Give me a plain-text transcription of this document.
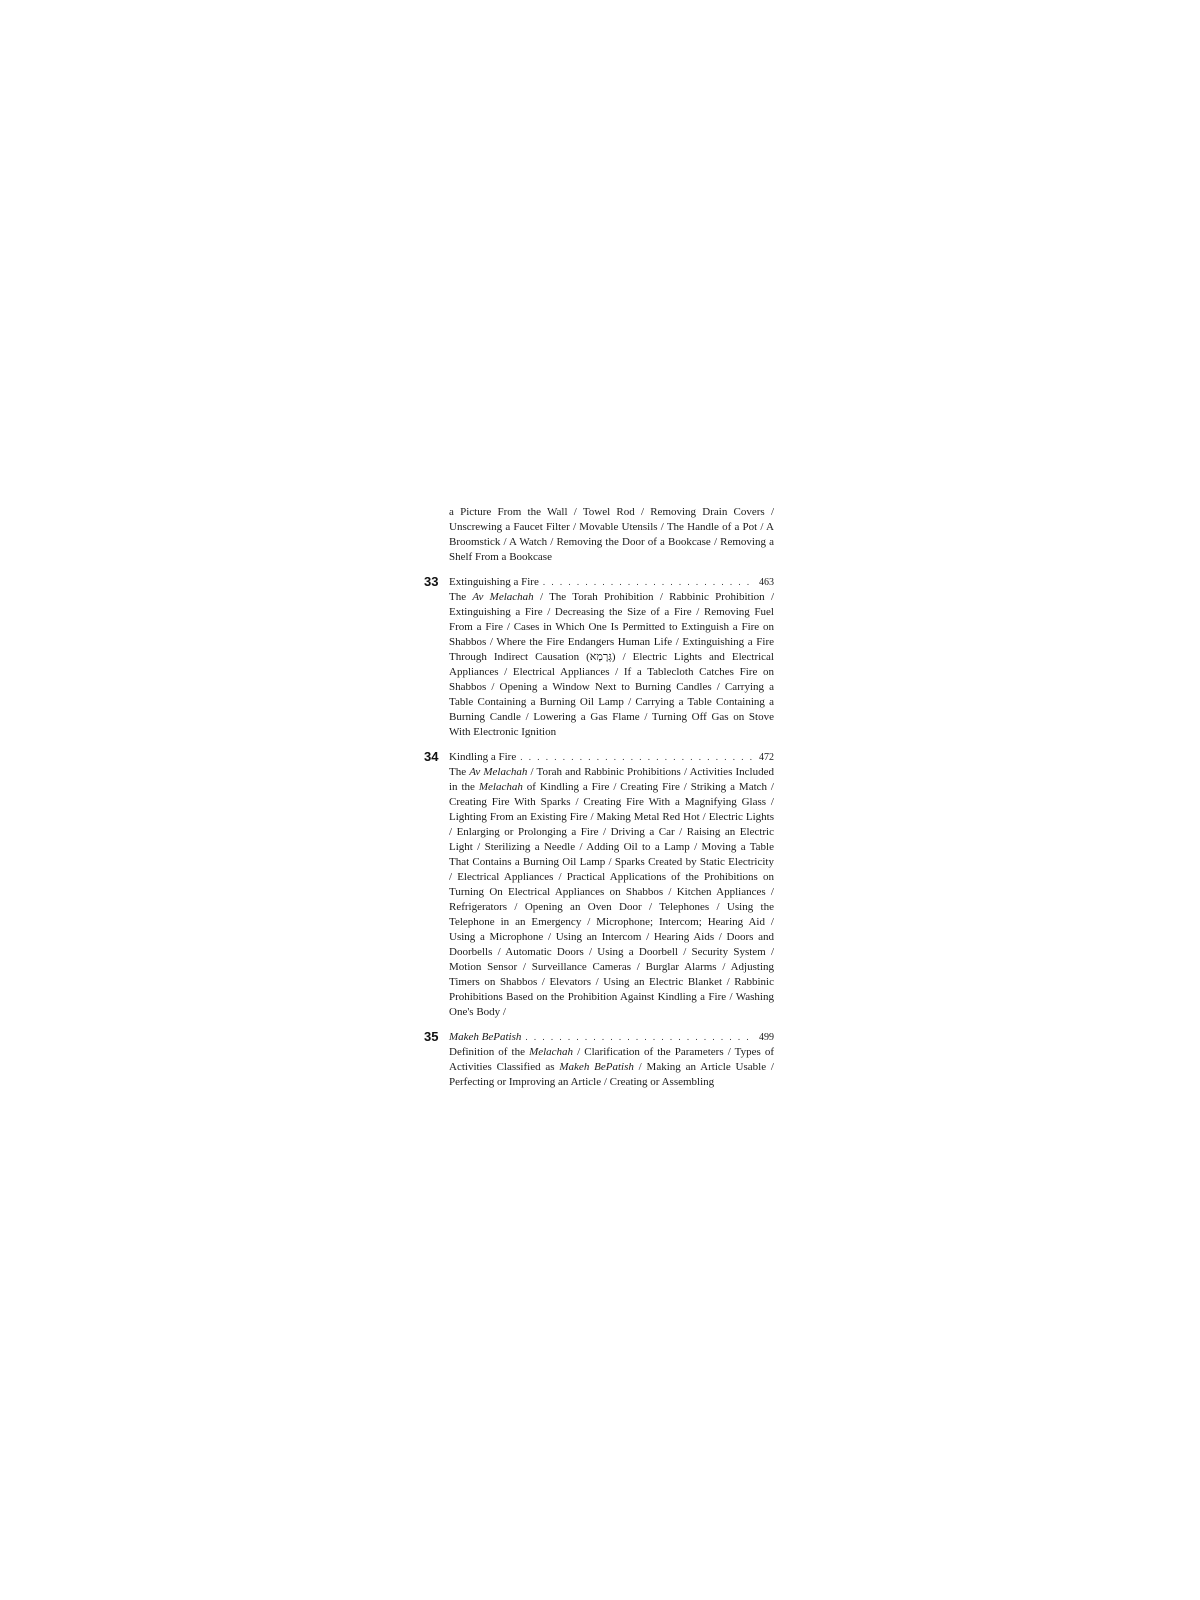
a Picture From the Wall / Towel Rod / Removing Drain Covers / Unscrewing a Faucet Filter / Movable Utensils / The Handle of a Pot / A Broomstick / A Watch / Removing the Door of a Bookcase / Removing a Shelf From a Bookcase

33 Extinguishing a Fire . . .	463

The Av Melachah / The Torah Prohibition / Rabbinic Prohibition / Extinguishing a Fire / Decreasing the Size of a Fire / Removing Fuel From a Fire / Cases in Which One Is Permitted to Extinguish a Fire on Shabbos / Where the Fire Endangers Human Life / Extinguishing a Fire Through Indirect Causation (גְּרָמָא) / Electric Lights and Electrical Appliances / Electrical Appliances / If a Tablecloth Catches Fire on Shabbos / Opening a Window Next to Burning Candles / Carrying a Table Containing a Burning Oil Lamp / Carrying a Table Containing a Burning Candle / Lowering a Gas Flame / Turning Off Gas on Stove With Electronic Ignition

34 Kindling a Fire . . .	472

The Av Melachah / Torah and Rabbinic Prohibitions / Activities Included in the Melachah of Kindling a Fire / Creating Fire / Striking a Match / Creating Fire With Sparks / Creating Fire With a Magnifying Glass / Lighting From an Existing Fire / Making Metal Red Hot / Electric Lights / Enlarging or Prolonging a Fire / Driving a Car / Raising an Electric Light / Sterilizing a Needle / Adding Oil to a Lamp / Moving a Table That Contains a Burning Oil Lamp / Sparks Created by Static Electricity / Electrical Appliances / Practical Applications of the Prohibitions on Turning On Electrical Appliances on Shabbos / Kitchen Appliances / Refrigerators / Opening an Oven Door / Telephones / Using the Telephone in an Emergency / Microphone; Intercom; Hearing Aid / Using a Microphone / Using an Intercom / Hearing Aids / Doors and Doorbells / Automatic Doors / Using a Doorbell / Security System / Motion Sensor / Surveillance Cameras / Burglar Alarms / Adjusting Timers on Shabbos / Elevators / Using an Electric Blanket / Rabbinic Prohibitions Based on the Prohibition Against Kindling a Fire / Washing One's Body /

35 Makeh BePatish . . .	499

Definition of the Melachah / Clarification of the Parameters / Types of Activities Classified as Makeh BePatish / Making an Article Usable / Perfecting or Improving an Article / Creating or Assembling
